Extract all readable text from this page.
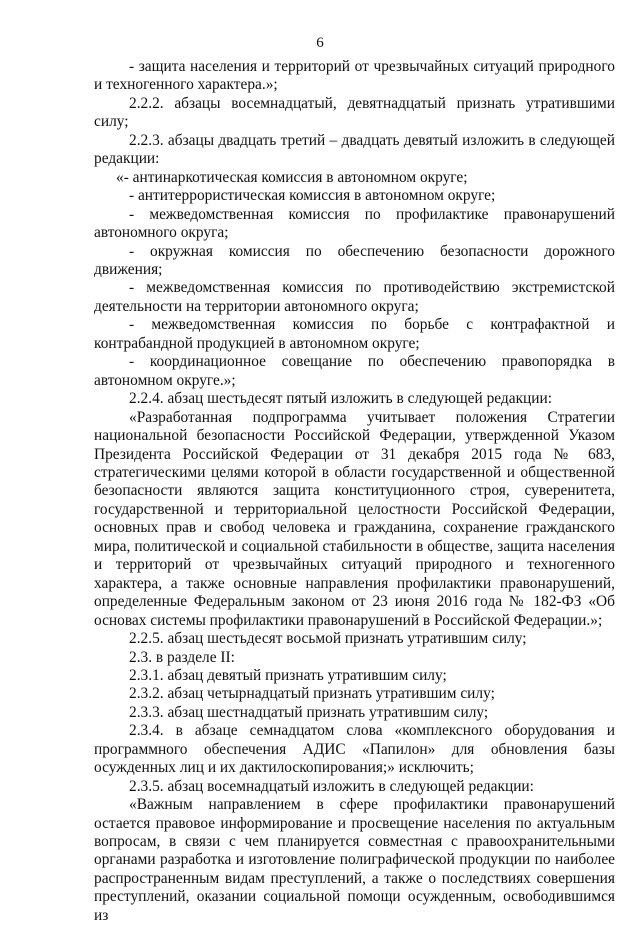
6

- защита населения и территорий от чрезвычайных ситуаций природного и техногенного характера.»;

2.2.2. абзацы восемнадцатый, девятнадцатый признать утратившими силу;

2.2.3. абзацы двадцать третий – двадцать девятый изложить в следующей редакции:

«- антинаркотическая комиссия в автономном округе;

- антитеррористическая комиссия в автономном округе;

- межведомственная комиссия по профилактике правонарушений автономного округа;

- окружная комиссия по обеспечению безопасности дорожного движения;

- межведомственная комиссия по противодействию экстремистской деятельности на территории автономного округа;

- межведомственная комиссия по борьбе с контрафактной и контрабандной продукцией в автономном округе;

- координационное совещание по обеспечению правопорядка в автономном округе.»;

2.2.4. абзац шестьдесят пятый изложить в следующей редакции:

«Разработанная подпрограмма учитывает положения Стратегии национальной безопасности Российской Федерации, утвержденной Указом Президента Российской Федерации от 31 декабря 2015 года № 683, стратегическими целями которой в области государственной и общественной безопасности являются защита конституционного строя, суверенитета, государственной и территориальной целостности Российской Федерации, основных прав и свобод человека и гражданина, сохранение гражданского мира, политической и социальной стабильности в обществе, защита населения и территорий от чрезвычайных ситуаций природного и техногенного характера, а также основные направления профилактики правонарушений, определенные Федеральным законом от 23 июня 2016 года № 182-ФЗ «Об основах системы профилактики правонарушений в Российской Федерации.»;

2.2.5. абзац шестьдесят восьмой признать утратившим силу;

2.3. в разделе II:

2.3.1. абзац девятый признать утратившим силу;

2.3.2. абзац четырнадцатый признать утратившим силу;

2.3.3. абзац шестнадцатый признать утратившим силу;

2.3.4. в абзаце семнадцатом слова «комплексного оборудования и программного обеспечения АДИС «Папилон» для обновления базы осужденных лиц и их дактилоскопирования;» исключить;

2.3.5. абзац восемнадцатый изложить в следующей редакции:

«Важным направлением в сфере профилактики правонарушений остается правовое информирование и просвещение населения по актуальным вопросам, в связи с чем планируется совместная с правоохранительными органами разработка и изготовление полиграфической продукции по наиболее распространенным видам преступлений, а также о последствиях совершения преступлений, оказании социальной помощи осужденным, освободившимся из
